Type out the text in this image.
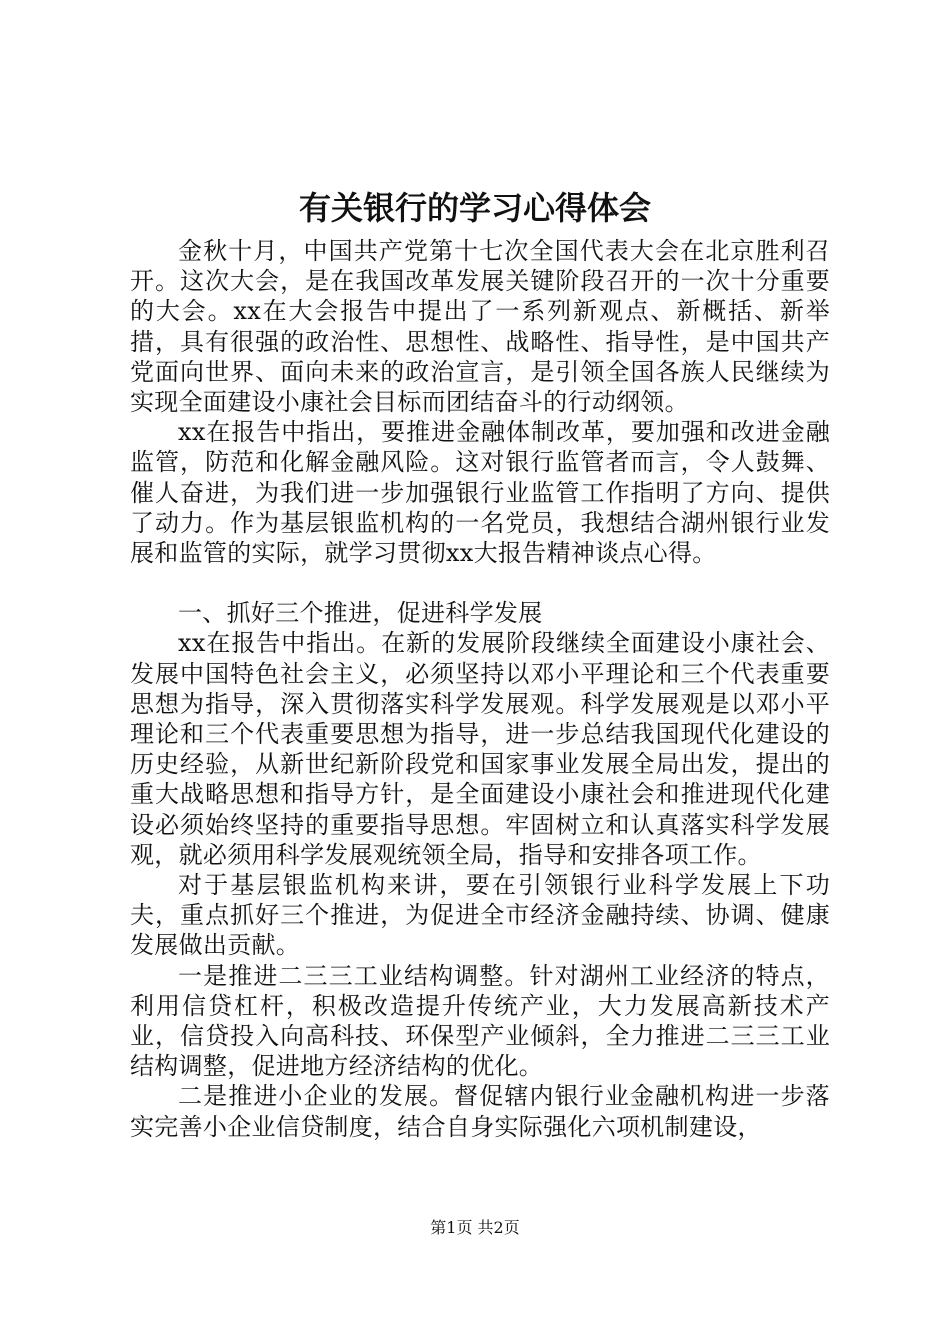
有关银行的学习心得体会

金秋十月，中国共产党第十七次全国代表大会在北京胜利召开。这次大会，是在我国改革发展关键阶段召开的一次十分重要的大会。xx在大会报告中提出了一系列新观点、新概括、新举措，具有很强的政治性、思想性、战略性、指导性，是中国共产党面向世界、面向未来的政治宣言，是引领全国各族人民继续为实现全面建设小康社会目标而团结奋斗的行动纲领。

xx在报告中指出，要推进金融体制改革，要加强和改进金融监管，防范和化解金融风险。这对银行监管者而言，令人鼓舞、催人奋进，为我们进一步加强银行业监管工作指明了方向、提供了动力。作为基层银监机构的一名党员，我想结合湖州银行业发展和监管的实际，就学习贯彻xx大报告精神谈点心得。

一、抓好三个推进，促进科学发展

xx在报告中指出。在新的发展阶段继续全面建设小康社会、发展中国特色社会主义，必须坚持以邓小平理论和三个代表重要思想为指导，深入贯彻落实科学发展观。科学发展观是以邓小平理论和三个代表重要思想为指导，进一步总结我国现代化建设的历史经验，从新世纪新阶段党和国家事业发展全局出发，提出的重大战略思想和指导方针，是全面建设小康社会和推进现代化建设必须始终坚持的重要指导思想。牢固树立和认真落实科学发展观，就必须用科学发展观统领全局，指导和安排各项工作。

对于基层银监机构来讲，要在引领银行业科学发展上下功夫，重点抓好三个推进，为促进全市经济金融持续、协调、健康发展做出贡献。

一是推进二三三工业结构调整。针对湖州工业经济的特点，利用信贷杠杆，积极改造提升传统产业，大力发展高新技术产业，信贷投入向高科技、环保型产业倾斜，全力推进二三三工业结构调整，促进地方经济结构的优化。

二是推进小企业的发展。督促辖内银行业金融机构进一步落实完善小企业信贷制度，结合自身实际强化六项机制建设，

第1页 共2页
